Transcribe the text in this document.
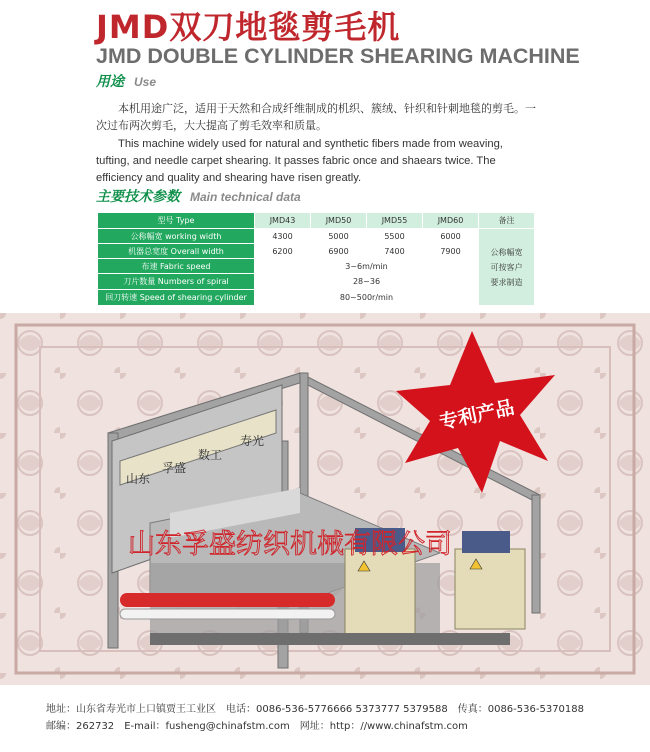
JMD双刀地毯剪毛机
JMD DOUBLE CYLINDER SHEARING MACHINE
用途 Use

本机用途广泛，适用于天然和合成纤维制成的机织、簇绒、针织和针刺地毯的剪毛。一次过布两次剪毛，大大提高了剪毛效率和质量。

This machine widely used for natural and synthetic fibers made from weaving, tufting, and needle carpet shearing. It passes fabric once and shaears twice. The efficiency and quality and shearing have risen greatly.

主要技术参数 Main technical data
型号 Type	JMD43	JMD50	JMD55	JMD60	备注
公称幅宽 working width	4300	5000	5500	6000
机器总宽度 Overall width	6200	6900	7400	7900
布速 Fabric speed	3~6m/min
刀片数量 Numbers of spiral	28~36
回刀转速 Speed of shearing cylinder	80~500r/min
公称幅宽
可按客户
要求制造
山东
孚盛
数工
寿光
专利产品
山东孚盛纺织机械有限公司
地址：山东省寿光市上口镇贾王工业区 电话：0086-536-5776666 5373777 5379588 传真：0086-536-5370188
邮编：262732 E-mail：fusheng@chinafstm.com 网址：http：//www.chinafstm.com
